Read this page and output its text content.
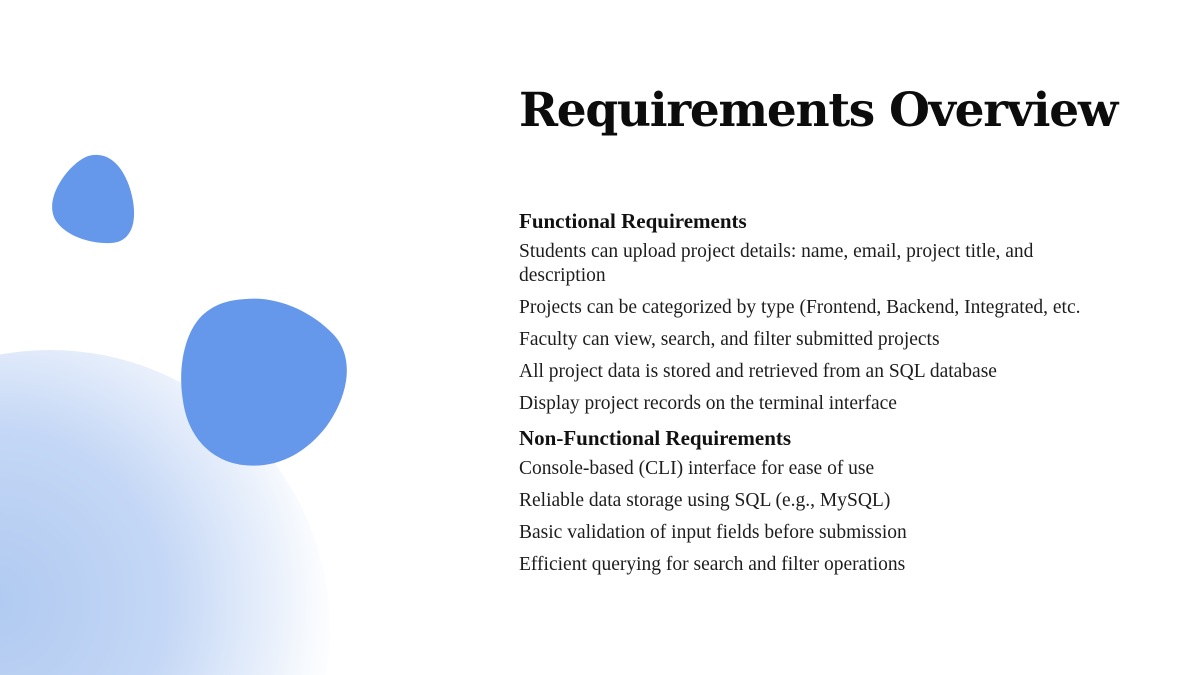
Requirements Overview
Functional Requirements
Students can upload project details: name, email, project title, and description
Projects can be categorized by type (Frontend, Backend, Integrated, etc.
Faculty can view, search, and filter submitted projects
All project data is stored and retrieved from an SQL database
Display project records on the terminal interface
Non-Functional Requirements
Console-based (CLI) interface for ease of use
Reliable data storage using SQL (e.g., MySQL)
Basic validation of input fields before submission
Efficient querying for search and filter operations
